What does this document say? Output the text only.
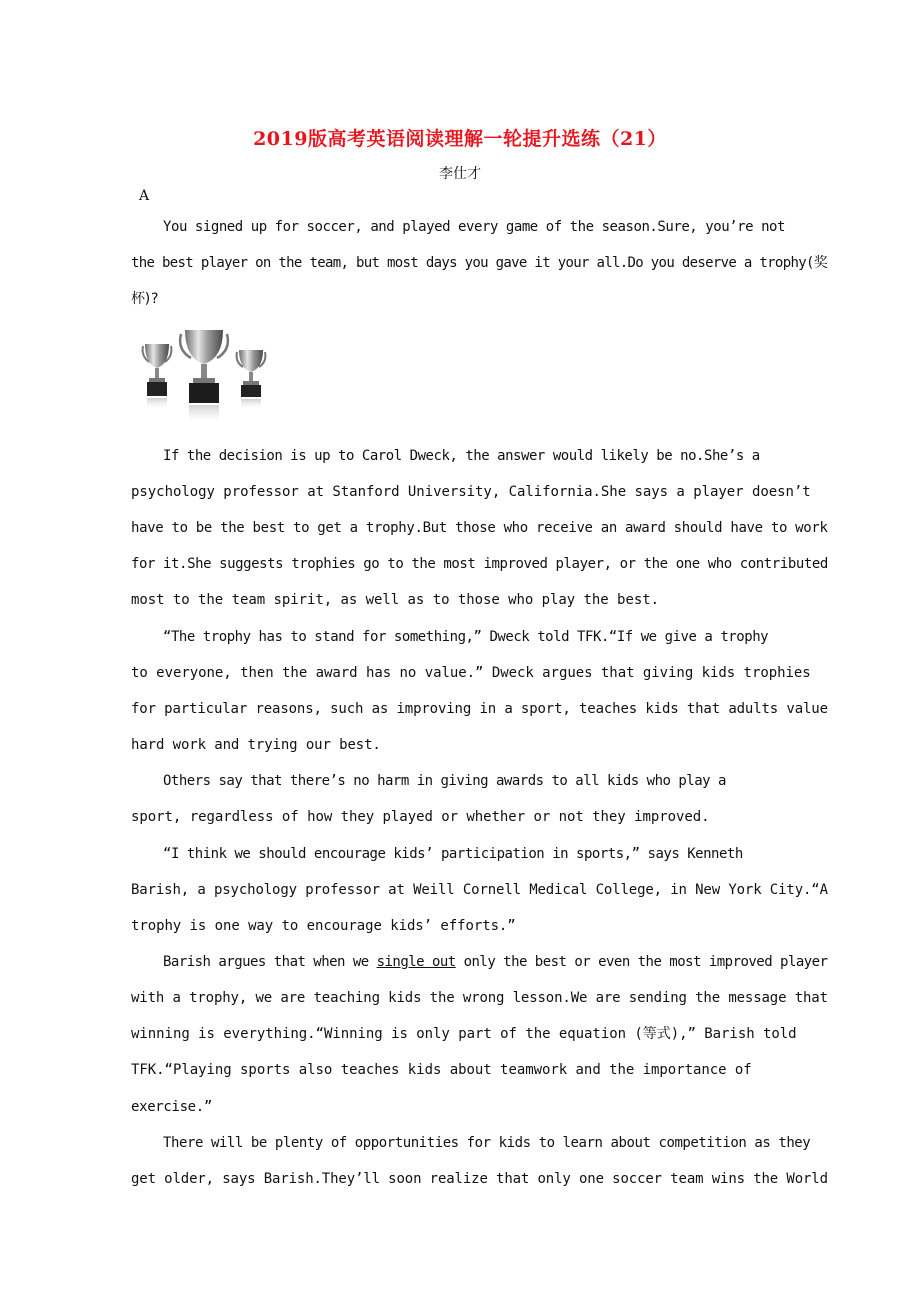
2019版高考英语阅读理解一轮提升选练（21）
李仕才
A
You signed up for soccer, and played every game of the season.Sure, you’re not
the best player on the team, but most days you gave it your all.Do you deserve a trophy(奖
杯)?
If the decision is up to Carol Dweck, the answer would likely be no.She’s a
psychology professor at Stanford University, California.She says a player doesn’t
have to be the best to get a trophy.But those who receive an award should have to work
for it.She suggests trophies go to the most improved player, or the one who contributed
most to the team spirit, as well as to those who play the best.
“The trophy has to stand for something,” Dweck told TFK.“If we give a trophy
to everyone, then the award has no value.” Dweck argues that giving kids trophies
for particular reasons, such as improving in a sport, teaches kids that adults value
hard work and trying our best.
Others say that there’s no harm in giving awards to all kids who play a
sport, regardless of how they played or whether or not they improved.
“I think we should encourage kids’ participation in sports,” says Kenneth
Barish, a psychology professor at Weill Cornell Medical College, in New York City.“A
trophy is one way to encourage kids’ efforts.”
Barish argues that when we single out only the best or even the most improved player
with a trophy, we are teaching kids the wrong lesson.We are sending the message that
winning is everything.“Winning is only part of the equation (等式),” Barish told
TFK.“Playing sports also teaches kids about teamwork and the importance of
exercise.”
There will be plenty of opportunities for kids to learn about competition as they
get older, says Barish.They’ll soon realize that only one soccer team wins the World
